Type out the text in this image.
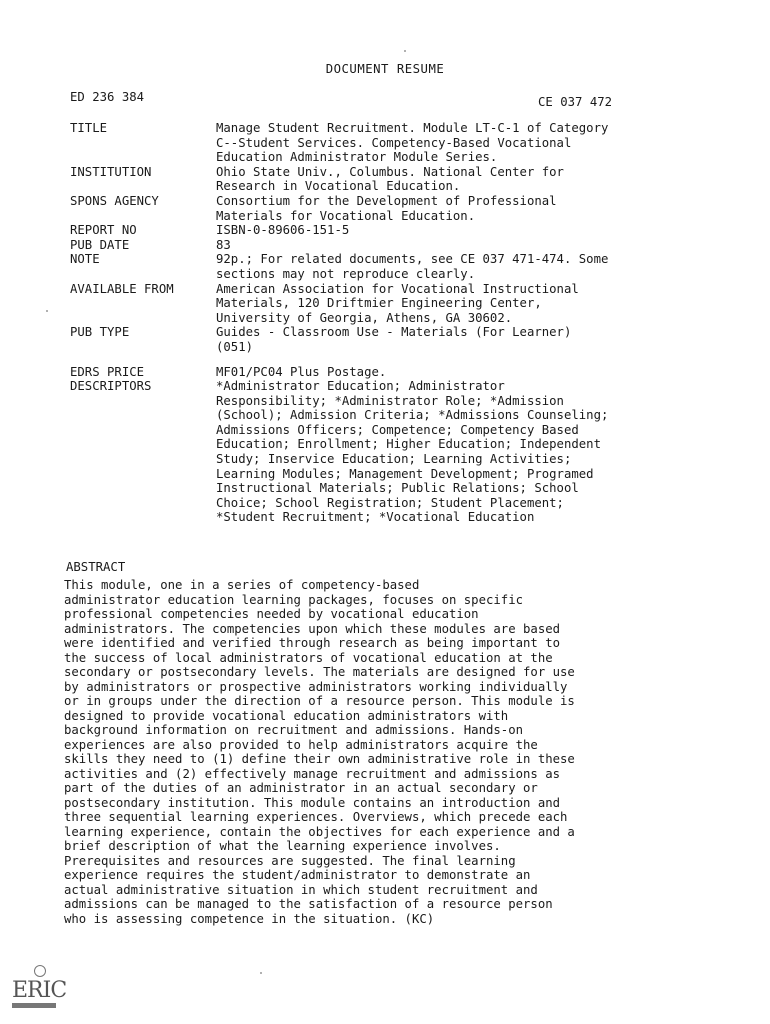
DOCUMENT RESUME
ED 236 384	CE 037 472
TITLE	Manage Student Recruitment. Module LT-C-1 of Category
C--Student Services. Competency-Based Vocational
Education Administrator Module Series.
INSTITUTION	Ohio State Univ., Columbus. National Center for
Research in Vocational Education.
SPONS AGENCY	Consortium for the Development of Professional
Materials for Vocational Education.
REPORT NO	ISBN-0-89606-151-5
PUB DATE	83
NOTE	92p.; For related documents, see CE 037 471-474. Some
sections may not reproduce clearly.
AVAILABLE FROM	American Association for Vocational Instructional
Materials, 120 Driftmier Engineering Center,
University of Georgia, Athens, GA 30602.
PUB TYPE	Guides - Classroom Use - Materials (For Learner)
(051)
EDRS PRICE	MF01/PC04 Plus Postage.
DESCRIPTORS	*Administrator Education; Administrator
Responsibility; *Administrator Role; *Admission
(School); Admission Criteria; *Admissions Counseling;
Admissions Officers; Competence; Competency Based
Education; Enrollment; Higher Education; Independent
Study; Inservice Education; Learning Activities;
Learning Modules; Management Development; Programed
Instructional Materials; Public Relations; School
Choice; School Registration; Student Placement;
*Student Recruitment; *Vocational Education
ABSTRACT
This module, one in a series of competency-based
administrator education learning packages, focuses on specific
professional competencies needed by vocational education
administrators. The competencies upon which these modules are based
were identified and verified through research as being important to
the success of local administrators of vocational education at the
secondary or postsecondary levels. The materials are designed for use
by administrators or prospective administrators working individually
or in groups under the direction of a resource person. This module is
designed to provide vocational education administrators with
background information on recruitment and admissions. Hands-on
experiences are also provided to help administrators acquire the
skills they need to (1) define their own administrative role in these
activities and (2) effectively manage recruitment and admissions as
part of the duties of an administrator in an actual secondary or
postsecondary institution. This module contains an introduction and
three sequential learning experiences. Overviews, which precede each
learning experience, contain the objectives for each experience and a
brief description of what the learning experience involves.
Prerequisites and resources are suggested. The final learning
experience requires the student/administrator to demonstrate an
actual administrative situation in which student recruitment and
admissions can be managed to the satisfaction of a resource person
who is assessing competence in the situation. (KC)
ERIC
